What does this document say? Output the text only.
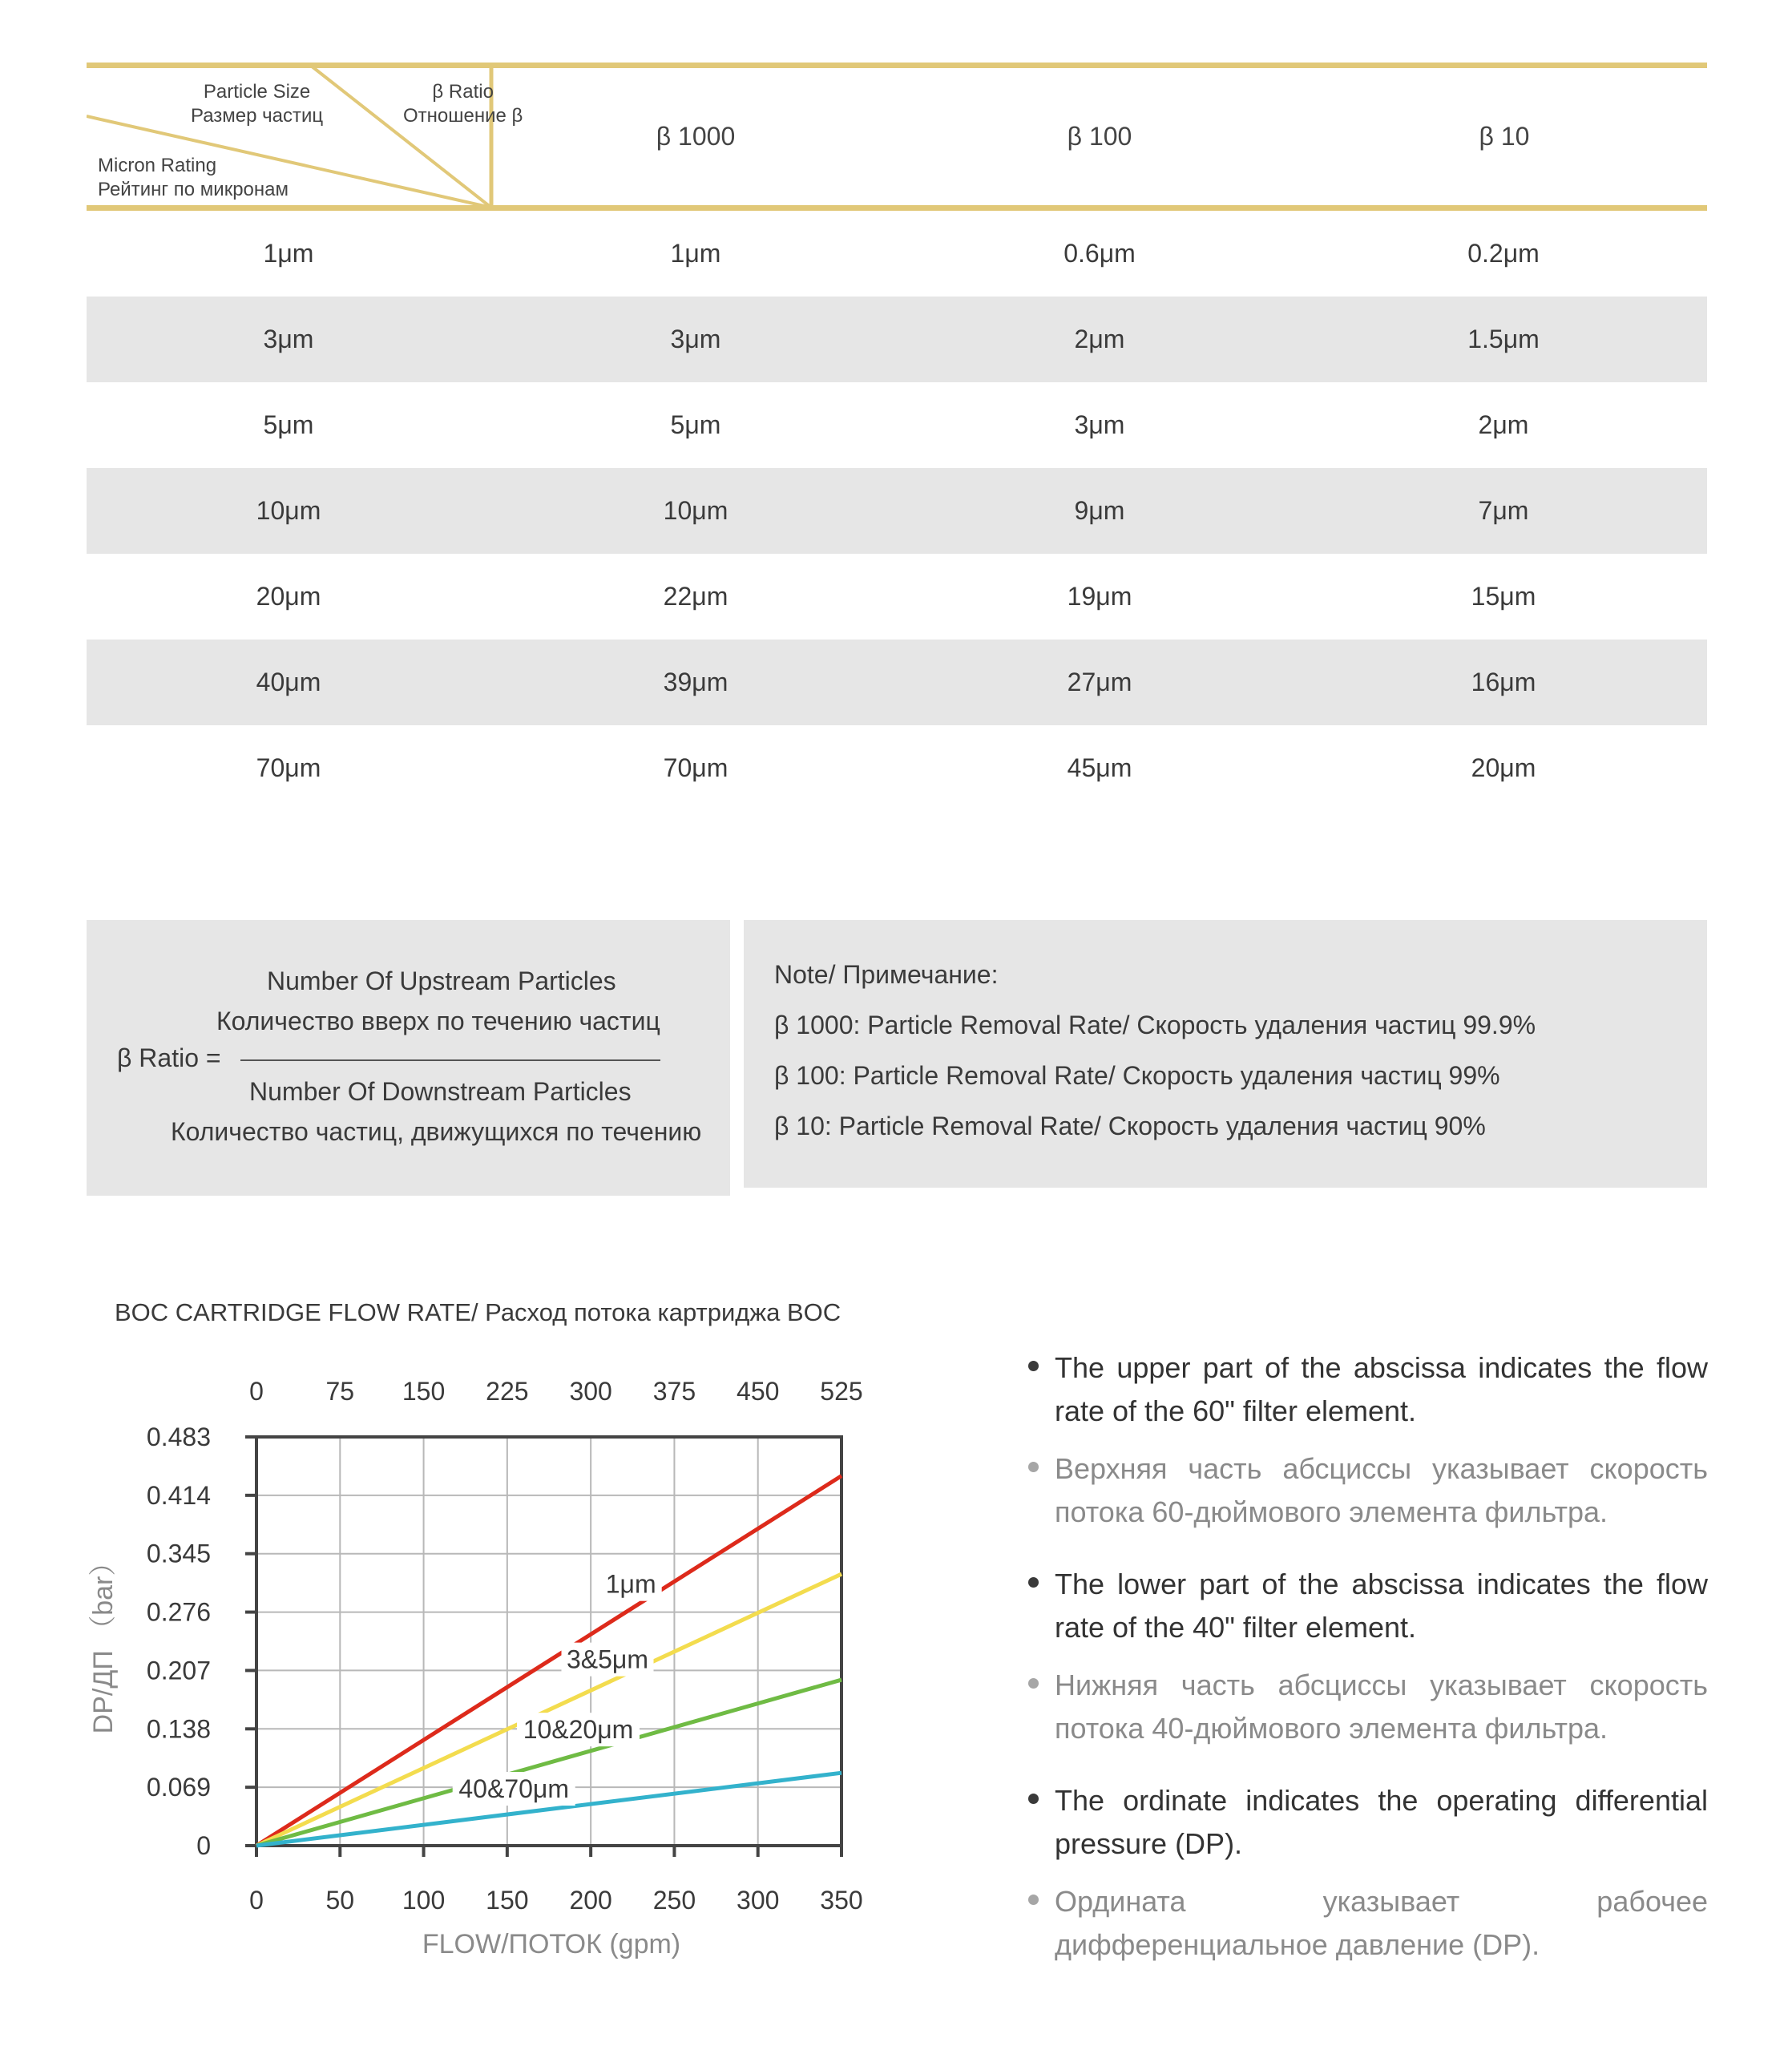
Particle Size
Размер частиц
β Ratio
Отношение β
Micron Rating
Рейтинг по микронам
β 1000	β 100	β 10
1μm	1μm	0.6μm	0.2μm
3μm	3μm	2μm	1.5μm
5μm	5μm	3μm	2μm
10μm	10μm	9μm	7μm
20μm	22μm	19μm	15μm
40μm	39μm	27μm	16μm
70μm	70μm	45μm	20μm
Number Of Upstream Particles
Количество вверх по течению частиц
β Ratio =
Number Of Downstream Particles
Количество частиц, движущихся по течению
Note/ Примечание:
β 1000: Particle Removal Rate/ Скорость удаления частиц 99.9%
β 100: Particle Removal Rate/ Скорость удаления частиц 99%
β 10: Particle Removal Rate/ Скорость удаления частиц 90%
BOC CARTRIDGE FLOW RATE/ Расход потока картриджа BOC
0 50 100 150 200 250 300 350
0 75 150 225 300 375 450 525
0
0.069
0.138
0.207
0.276
0.345
0.414
0.483
FLOW/ПОТОК (gpm)
DP/ДП （bar）	1μm
3&5μm
10&20μm
40&70μm
The upper part of the abscissa indicates the flow rate of the 60" filter element.
Верхняя часть абсциссы указывает скорость потока 60-дюймового элемента фильтра.
The lower part of the abscissa indicates the flow rate of the 40" filter element.
Нижняя часть абсциссы указывает скорость потока 40-дюймового элемента фильтра.
The ordinate indicates the operating differential pressure (DP).
Ордината указывает рабочее дифференциальное давление (DP).
